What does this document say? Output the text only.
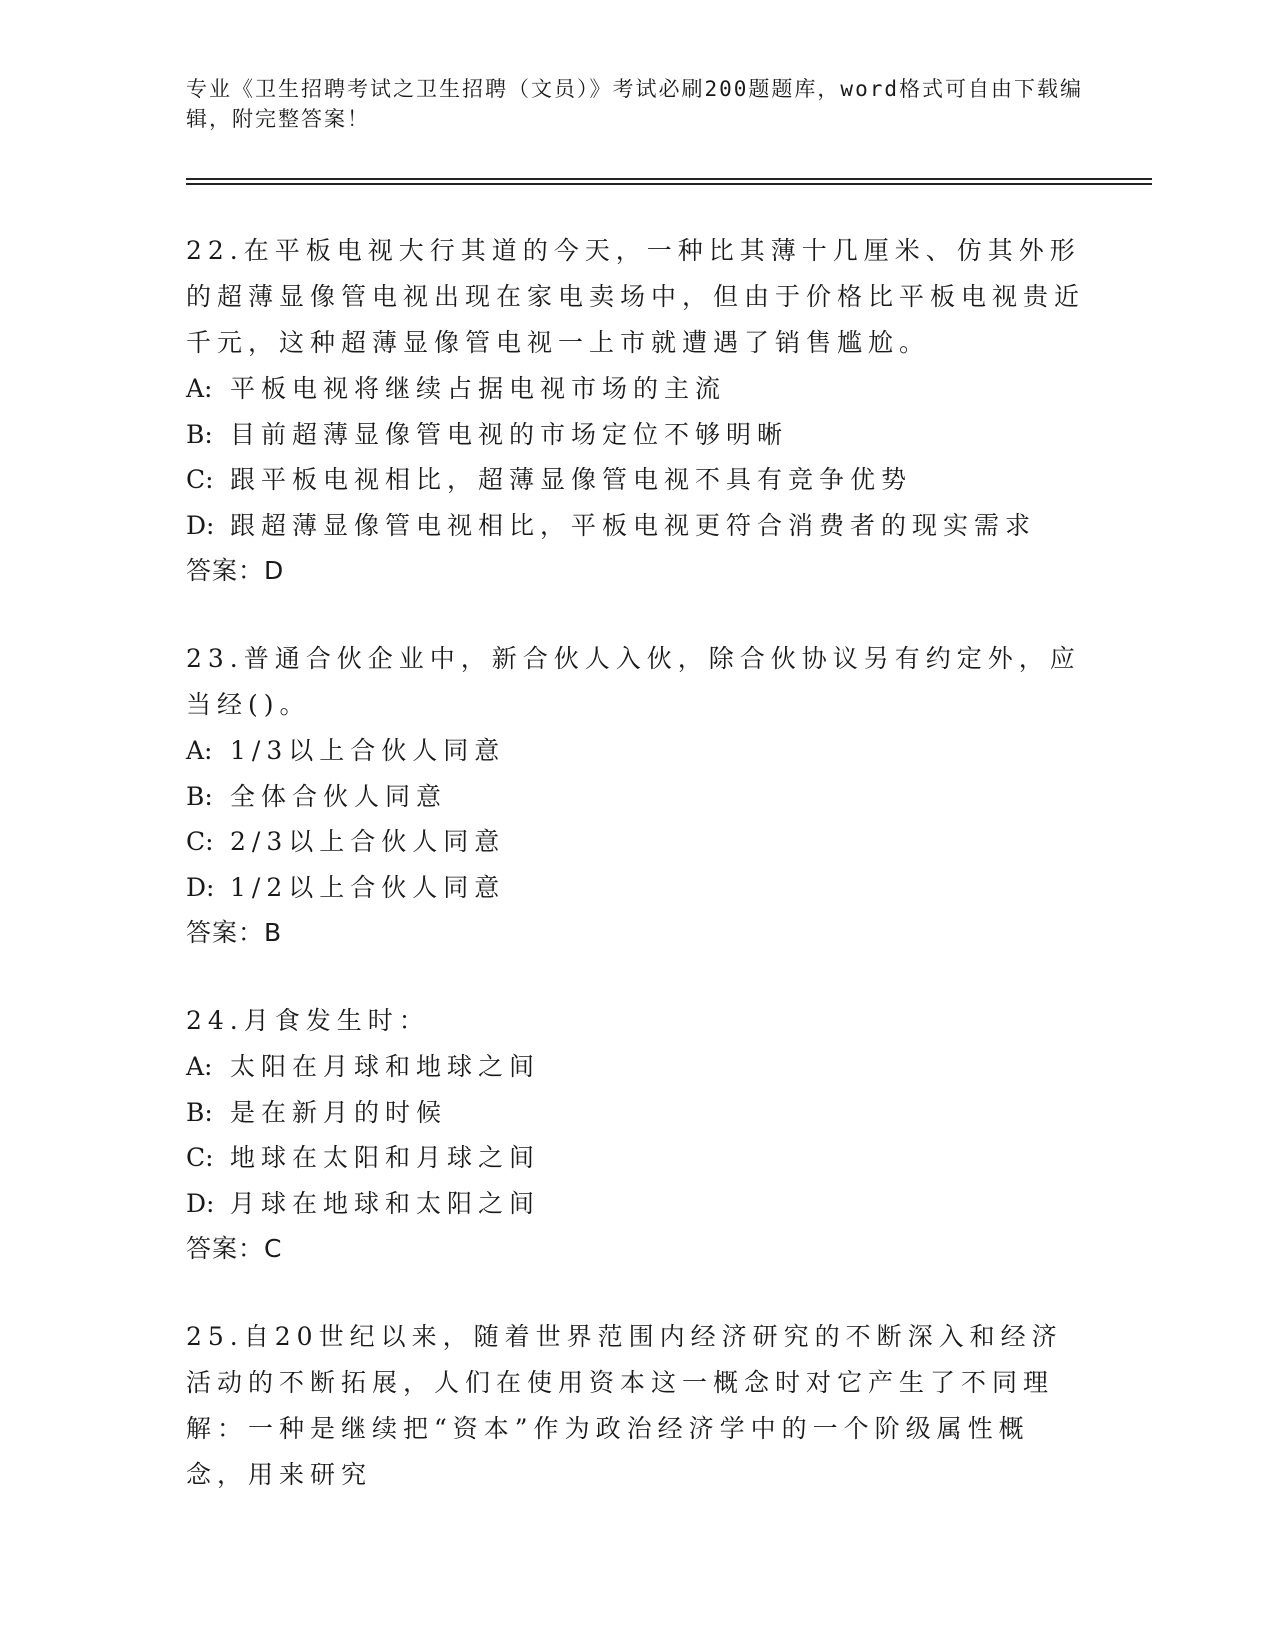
专业《卫生招聘考试之卫生招聘（文员）》考试必刷200题题库，word格式可自由下载编辑，附完整答案！

22.在平板电视大行其道的今天，一种比其薄十几厘米、仿其外形的超薄显像管电视出现在家电卖场中，但由于价格比平板电视贵近千元，这种超薄显像管电视一上市就遭遇了销售尴尬。

A: 平板电视将继续占据电视市场的主流

B: 目前超薄显像管电视的市场定位不够明晰

C: 跟平板电视相比，超薄显像管电视不具有竞争优势

D: 跟超薄显像管电视相比，平板电视更符合消费者的现实需求

答案：D

23.普通合伙企业中，新合伙人入伙，除合伙协议另有约定外，应当经()。

A: 1/3以上合伙人同意

B: 全体合伙人同意

C: 2/3以上合伙人同意

D: 1/2以上合伙人同意

答案：B

24.月食发生时：

A: 太阳在月球和地球之间

B: 是在新月的时候

C: 地球在太阳和月球之间

D: 月球在地球和太阳之间

答案：C

25.自20世纪以来，随着世界范围内经济研究的不断深入和经济活动的不断拓展，人们在使用资本这一概念时对它产生了不同理解：一种是继续把“资本”作为政治经济学中的一个阶级属性概念，用来研究
